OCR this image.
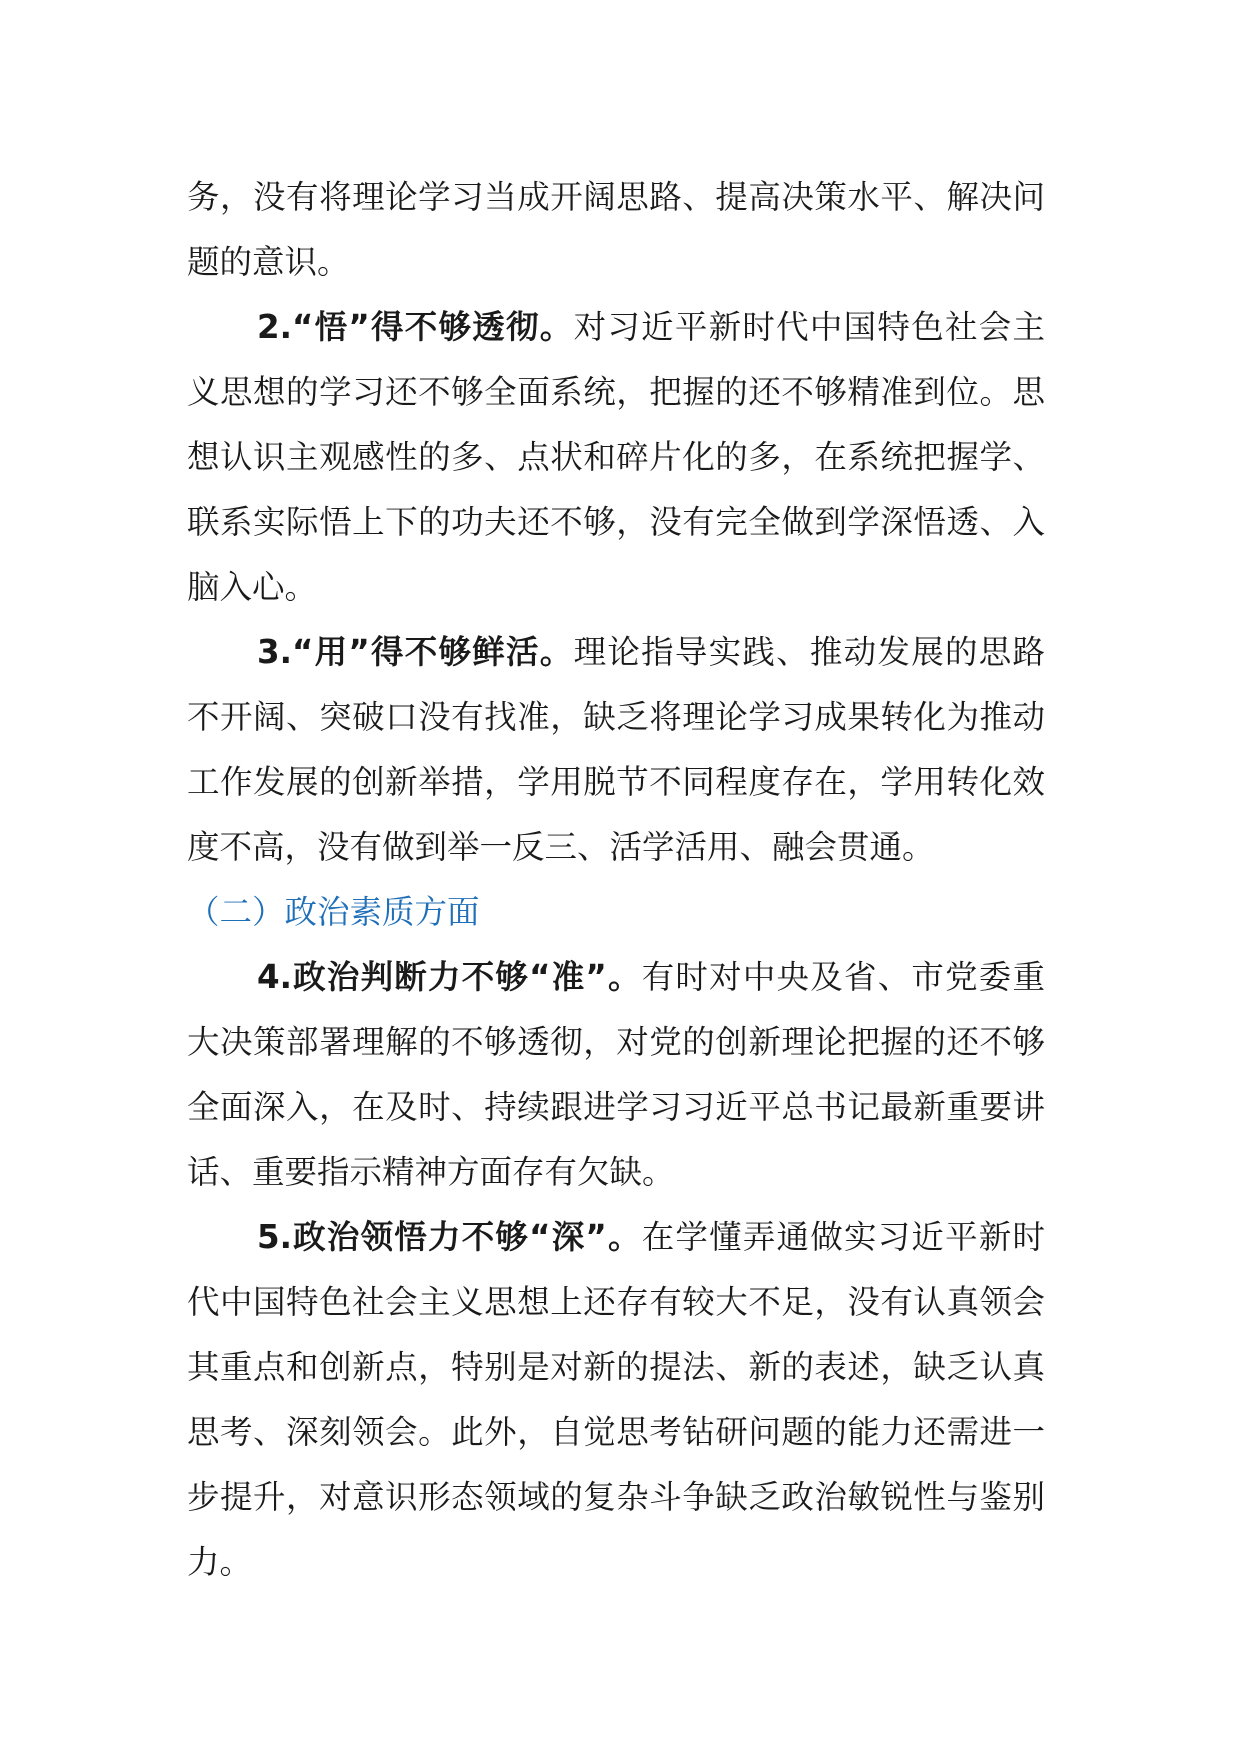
务，没有将理论学习当成开阔思路、提高决策水平、解决问题的意识。

2.“悟”得不够透彻。对习近平新时代中国特色社会主义思想的学习还不够全面系统，把握的还不够精准到位。思想认识主观感性的多、点状和碎片化的多，在系统把握学、联系实际悟上下的功夫还不够，没有完全做到学深悟透、入脑入心。

3.“用”得不够鲜活。理论指导实践、推动发展的思路不开阔、突破口没有找准，缺乏将理论学习成果转化为推动工作发展的创新举措，学用脱节不同程度存在，学用转化效度不高，没有做到举一反三、活学活用、融会贯通。

（二）政治素质方面

4.政治判断力不够“准”。有时对中央及省、市党委重大决策部署理解的不够透彻，对党的创新理论把握的还不够全面深入，在及时、持续跟进学习习近平总书记最新重要讲话、重要指示精神方面存有欠缺。

5.政治领悟力不够“深”。在学懂弄通做实习近平新时代中国特色社会主义思想上还存有较大不足，没有认真领会其重点和创新点，特别是对新的提法、新的表述，缺乏认真思考、深刻领会。此外，自觉思考钻研问题的能力还需进一步提升，对意识形态领域的复杂斗争缺乏政治敏锐性与鉴别力。
